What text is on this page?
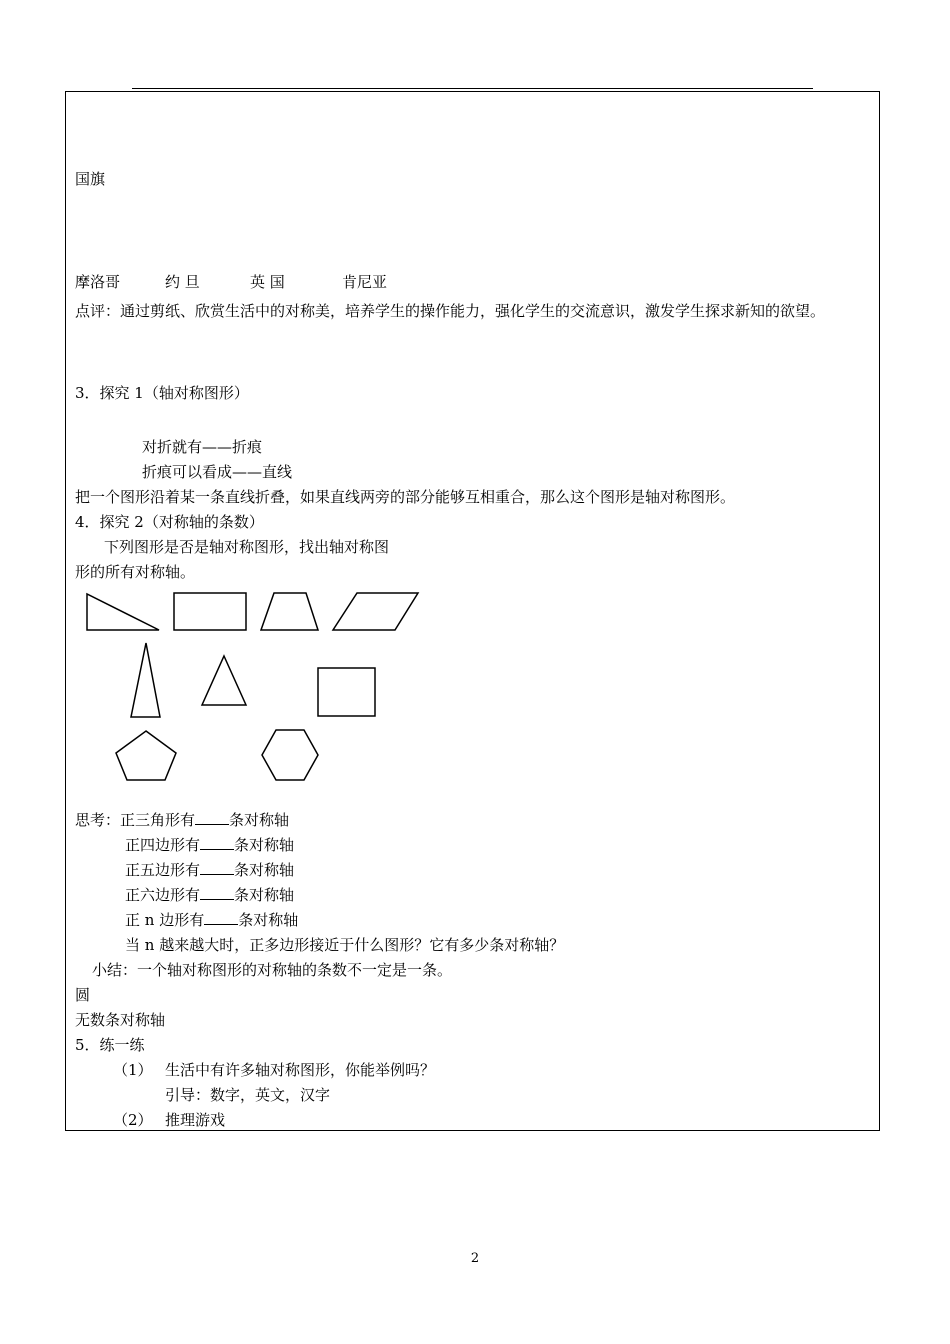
国旗
摩洛哥	约 旦	英 国	肯尼亚
点评：通过剪纸、欣赏生活中的对称美，培养学生的操作能力，强化学生的交流意识，激发学生探求新知的欲望。
3．探究 1（轴对称图形）
对折就有——折痕
折痕可以看成——直线
把一个图形沿着某一条直线折叠，如果直线两旁的部分能够互相重合，那么这个图形是轴对称图形。
4．探究 2（对称轴的条数）
下列图形是否是轴对称图形，找出轴对称图
形的所有对称轴。
思考：正三角形有 条对称轴
正四边形有 条对称轴
正五边形有 条对称轴
正六边形有 条对称轴
正 n 边形有 条对称轴
当 n 越来越大时，正多边形接近于什么图形？它有多少条对称轴？
小结：一个轴对称图形的对称轴的条数不一定是一条。
圆
无数条对称轴
5．练一练
（1） 生活中有许多轴对称图形，你能举例吗？
引导：数字，英文，汉字
（2） 推理游戏
2
